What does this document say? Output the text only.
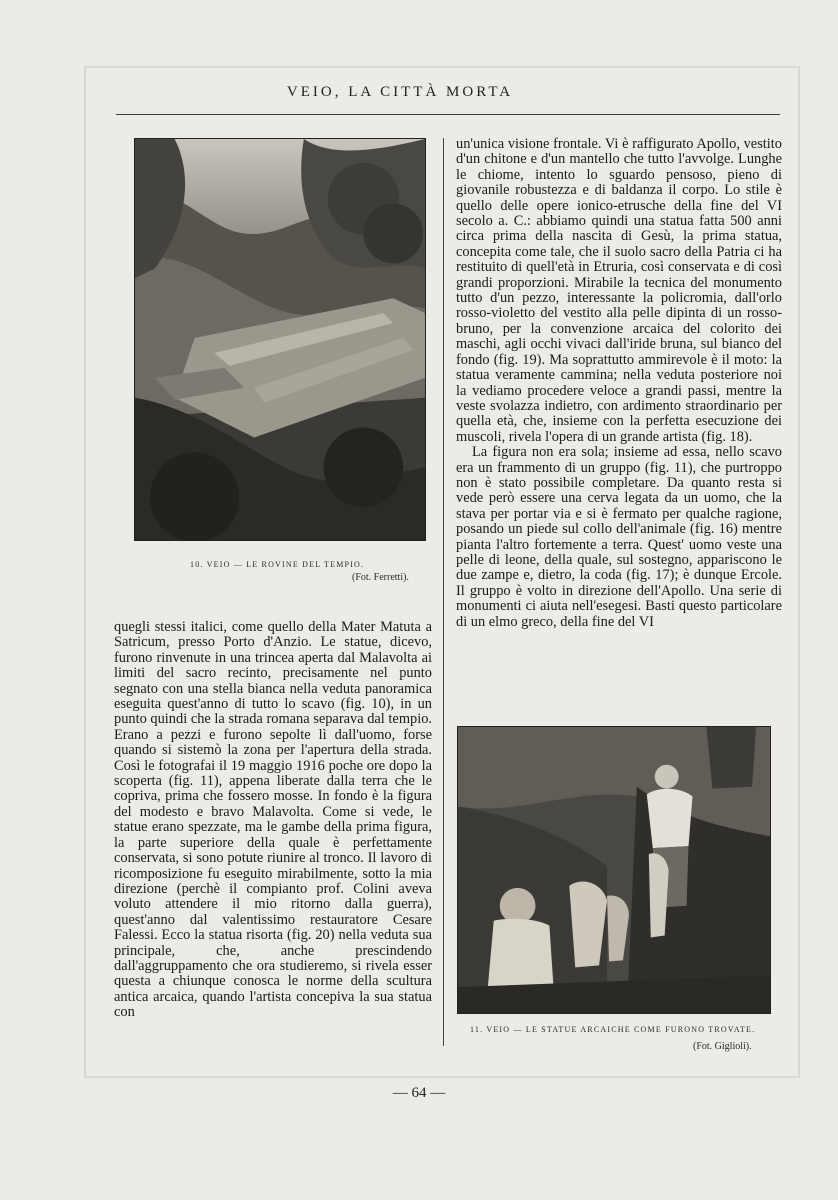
VEIO, LA CITTÀ MORTA
10. VEIO — LE ROVINE DEL TEMPIO.
(Fot. Ferretti).

quegli stessi italici, come quello della Mater Matuta a Satricum, presso Porto d'Anzio. Le statue, dicevo, furono rinvenute in una trincea aperta dal Malavolta ai limiti del sacro recinto, precisamente nel punto segnato con una stella bianca nella veduta panoramica eseguita quest'anno di tutto lo scavo (fig. 10), in un punto quindi che la strada romana separava dal tempio. Erano a pezzi e furono sepolte lì dall'uomo, forse quando si sistemò la zona per l'apertura della strada. Così le fotografai il 19 maggio 1916 poche ore dopo la scoperta (fig. 11), appena liberate dalla terra che le copriva, prima che fossero mosse. In fondo è la figura del modesto e bravo Malavolta. Come si vede, le statue erano spezzate, ma le gambe della prima figura, la parte superiore della quale è perfettamente conservata, si sono potute riunire al tronco. Il lavoro di ricomposizione fu eseguito mirabilmente, sotto la mia direzione (perchè il compianto prof. Colini aveva voluto attendere il mio ritorno dalla guerra), quest'anno dal valentissimo restauratore Cesare Falessi. Ecco la statua risorta (fig. 20) nella veduta sua principale, che, anche prescindendo dall'aggruppamento che ora studieremo, si rivela esser questa a chiunque conosca le norme della scultura antica arcaica, quando l'artista concepiva la sua statua con

un'unica visione frontale. Vi è raffigurato Apollo, vestito d'un chitone e d'un mantello che tutto l'avvolge. Lunghe le chiome, intento lo sguardo pensoso, pieno di giovanile robustezza e di baldanza il corpo. Lo stile è quello delle opere ionico-etrusche della fine del VI secolo a. C.: abbiamo quindi una statua fatta 500 anni circa prima della nascita di Gesù, la prima statua, concepita come tale, che il suolo sacro della Patria ci ha restituito di quell'età in Etruria, così conservata e di così grandi proporzioni. Mirabile la tecnica del monumento tutto d'un pezzo, interessante la policromia, dall'orlo rosso-violetto del vestito alla pelle dipinta di un rosso-bruno, per la convenzione arcaica del colorito dei maschi, agli occhi vivaci dall'iride bruna, sul bianco del fondo (fig. 19). Ma soprattutto ammirevole è il moto: la statua veramente cammina; nella veduta posteriore noi la vediamo procedere veloce a grandi passi, mentre la veste svolazza indietro, con ardimento straordinario per quella età, che, insieme con la perfetta esecuzione dei muscoli, rivela l'opera di un grande artista (fig. 18).

La figura non era sola; insieme ad essa, nello scavo era un frammento di un gruppo (fig. 11), che purtroppo non è stato possibile completare. Da quanto resta si vede però essere una cerva legata da un uomo, che la stava per portar via e si è fermato per qualche ragione, posando un piede sul collo dell'animale (fig. 16) mentre pianta l'altro fortemente a terra. Quest' uomo veste una pelle di leone, della quale, sul sostegno, appariscono le due zampe e, dietro, la coda (fig. 17); è dunque Ercole. Il gruppo è volto in direzione dell'Apollo. Una serie di monumenti ci aiuta nell'esegesi. Basti questo particolare di un elmo greco, della fine del VI

11. VEIO — LE STATUE ARCAICHE COME FURONO TROVATE.
(Fot. Giglioli).
— 64 —
